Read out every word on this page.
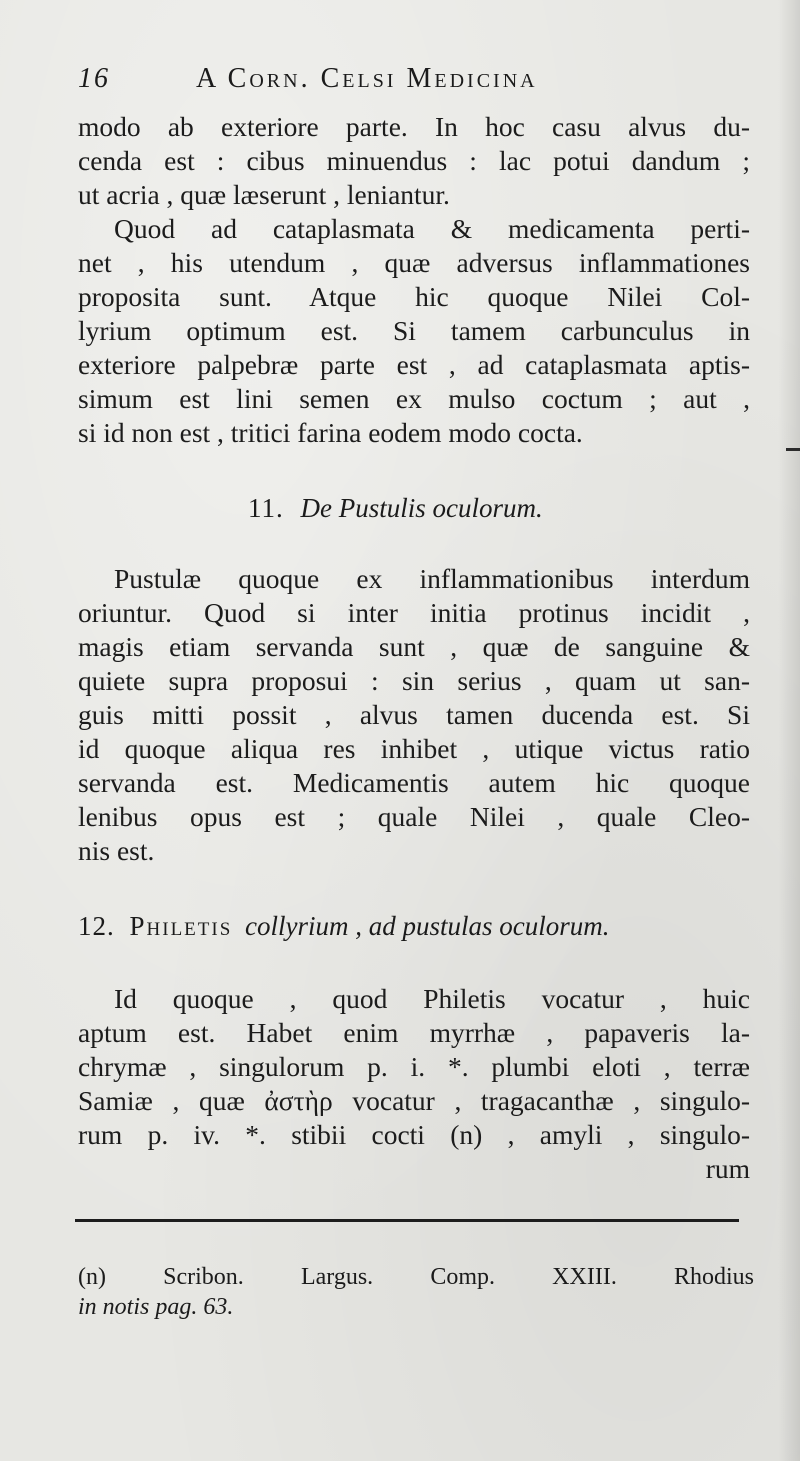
16	A Corn. Celsi Medicina
modo ab exteriore parte. In hoc casu alvus du-
cenda est : cibus minuendus : lac potui dandum ;
ut acria , quæ læserunt , leniantur.
Quod ad cataplasmata & medicamenta perti-
net , his utendum , quæ adversus inflammationes
proposita sunt. Atque hic quoque Nilei Col-
lyrium optimum est. Si tamem carbunculus in
exteriore palpebræ parte est , ad cataplasmata aptis-
simum est lini semen ex mulso coctum ; aut ,
si id non est , tritici farina eodem modo cocta.
11. De Pustulis oculorum.
Pustulæ quoque ex inflammationibus interdum
oriuntur. Quod si inter initia protinus incidit ,
magis etiam servanda sunt , quæ de sanguine &
quiete supra proposui : sin serius , quam ut san-
guis mitti possit , alvus tamen ducenda est. Si
id quoque aliqua res inhibet , utique victus ratio
servanda est. Medicamentis autem hic quoque
lenibus opus est ; quale Nilei , quale Cleo-
nis est.
12. Philetis collyrium , ad pustulas oculorum.
Id quoque , quod Philetis vocatur , huic
aptum est. Habet enim myrrhæ , papaveris la-
chrymæ , singulorum p. i. *. plumbi eloti , terræ
Samiæ , quæ ἀστὴρ vocatur , tragacanthæ , singulo-
rum p. iv. *. stibii cocti (n) , amyli , singulo-
rum
(n) Scribon. Largus. Comp. XXIII. Rhodius
in notis pag. 63.
